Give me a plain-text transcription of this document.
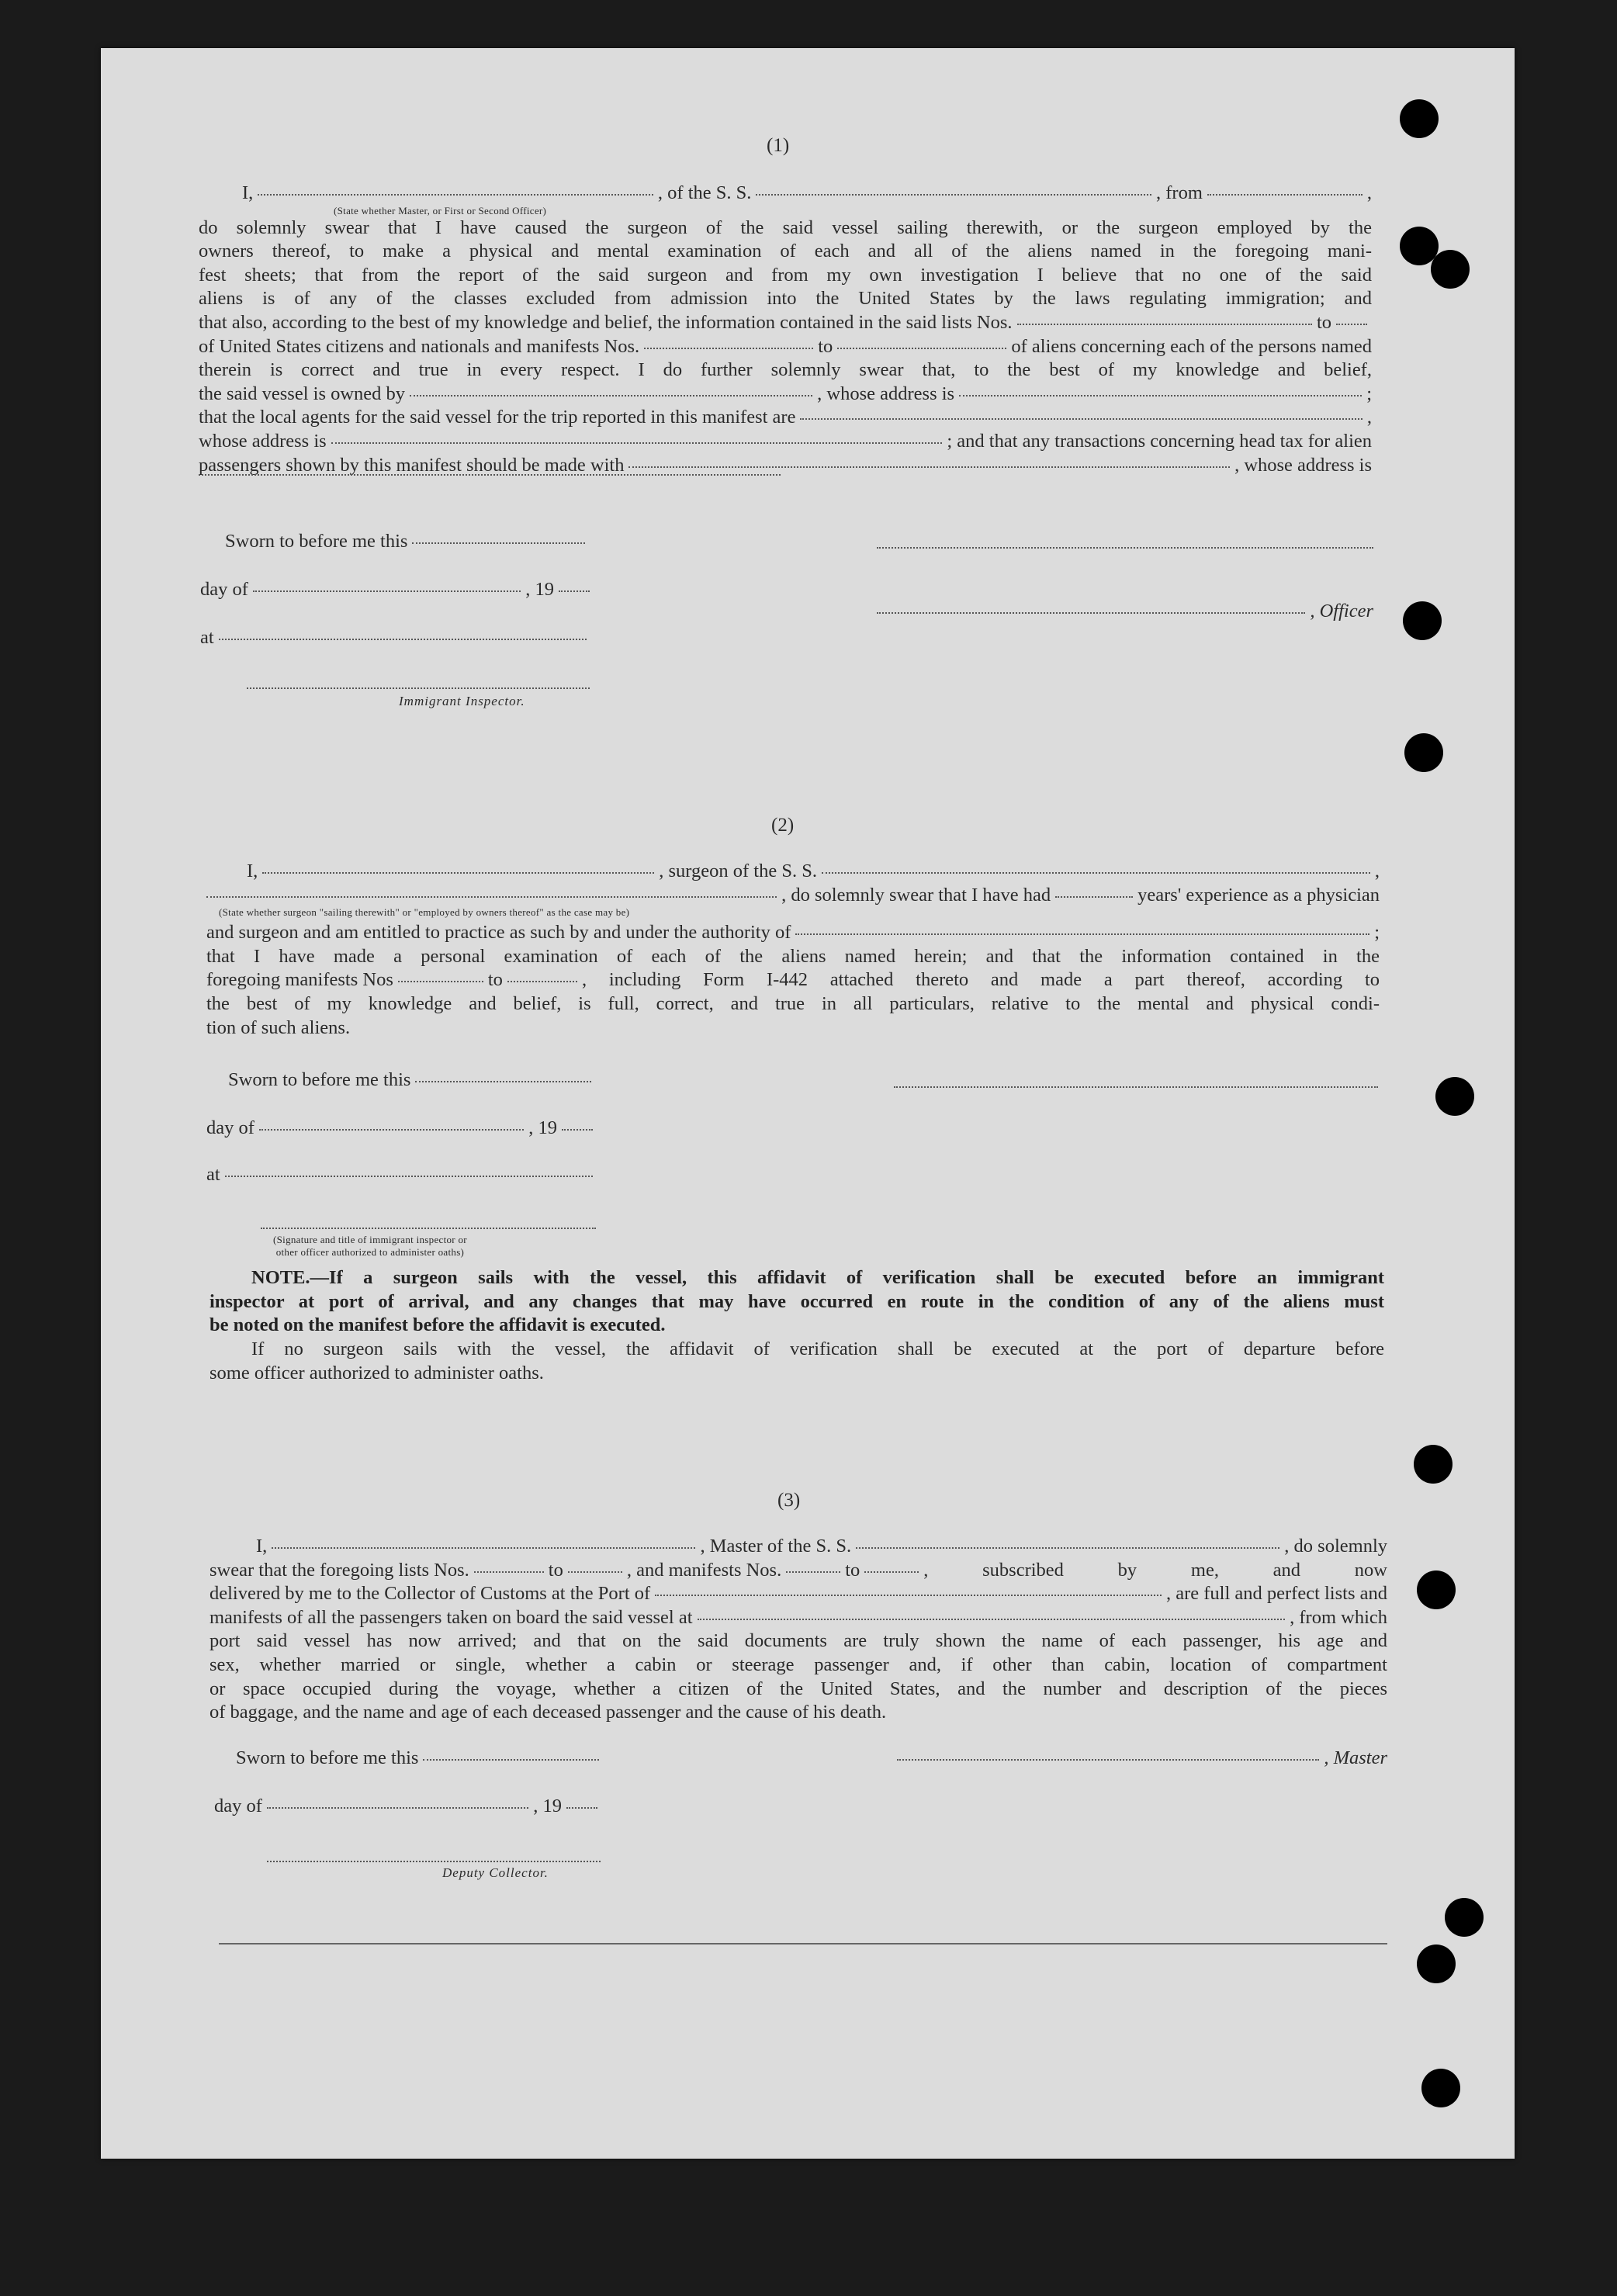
(1)
I,	, of the S. S.	, from	,
(State whether Master, or First or Second Officer)
do solemnly swear that I have caused the surgeon of the said vessel sailing therewith, or the surgeon employed by the
owners thereof, to make a physical and mental examination of each and all of the aliens named in the foregoing mani-
fest sheets; that from the report of the said surgeon and from my own investigation I believe that no one of the said
aliens is of any of the classes excluded from admission into the United States by the laws regulating immigration; and
that also, according to the best of my knowledge and belief, the information contained in the said lists Nos.	to
of United States citizens and nationals and manifests Nos.	to	of aliens concerning each of the persons named
therein is correct and true in every respect. I do further solemnly swear that, to the best of my knowledge and belief,
the said vessel is owned by	, whose address is	;
that the local agents for the said vessel for the trip reported in this manifest are	,
whose address is	; and that any transactions concerning head tax for alien
passengers shown by this manifest should be made with	, whose address is
Sworn to before me this
day of	, 19
, Officer
at
Immigrant Inspector.
(2)
I,	, surgeon of the S. S.	,
, do solemnly swear that I have had	years' experience as a physician
(State whether surgeon "sailing therewith" or "employed by owners thereof" as the case may be)
and surgeon and am entitled to practice as such by and under the authority of	;
that I have made a personal examination of each of the aliens named herein; and that the information contained in the
foregoing manifests Nos	to	, including Form I-442 attached thereto and made a part thereof, according to
the best of my knowledge and belief, is full, correct, and true in all particulars, relative to the mental and physical condi-
tion of such aliens.
Sworn to before me this
day of	, 19
at
(Signature and title of immigrant inspector or
other officer authorized to administer oaths)
NOTE.—If a surgeon sails with the vessel, this affidavit of verification shall be executed before an immigrant
inspector at port of arrival, and any changes that may have occurred en route in the condition of any of the aliens must
be noted on the manifest before the affidavit is executed.
If no surgeon sails with the vessel, the affidavit of verification shall be executed at the port of departure before
some officer authorized to administer oaths.
(3)
I,	, Master of the S. S.	, do solemnly
swear that the foregoing lists Nos.	to	, and manifests Nos.	to	, subscribed by me, and now
delivered by me to the Collector of Customs at the Port of	, are full and perfect lists and
manifests of all the passengers taken on board the said vessel at	, from which
port said vessel has now arrived; and that on the said documents are truly shown the name of each passenger, his age and
sex, whether married or single, whether a cabin or steerage passenger and, if other than cabin, location of compartment
or space occupied during the voyage, whether a citizen of the United States, and the number and description of the pieces
of baggage, and the name and age of each deceased passenger and the cause of his death.
Sworn to before me this	, Master
day of	, 19
Deputy Collector.
